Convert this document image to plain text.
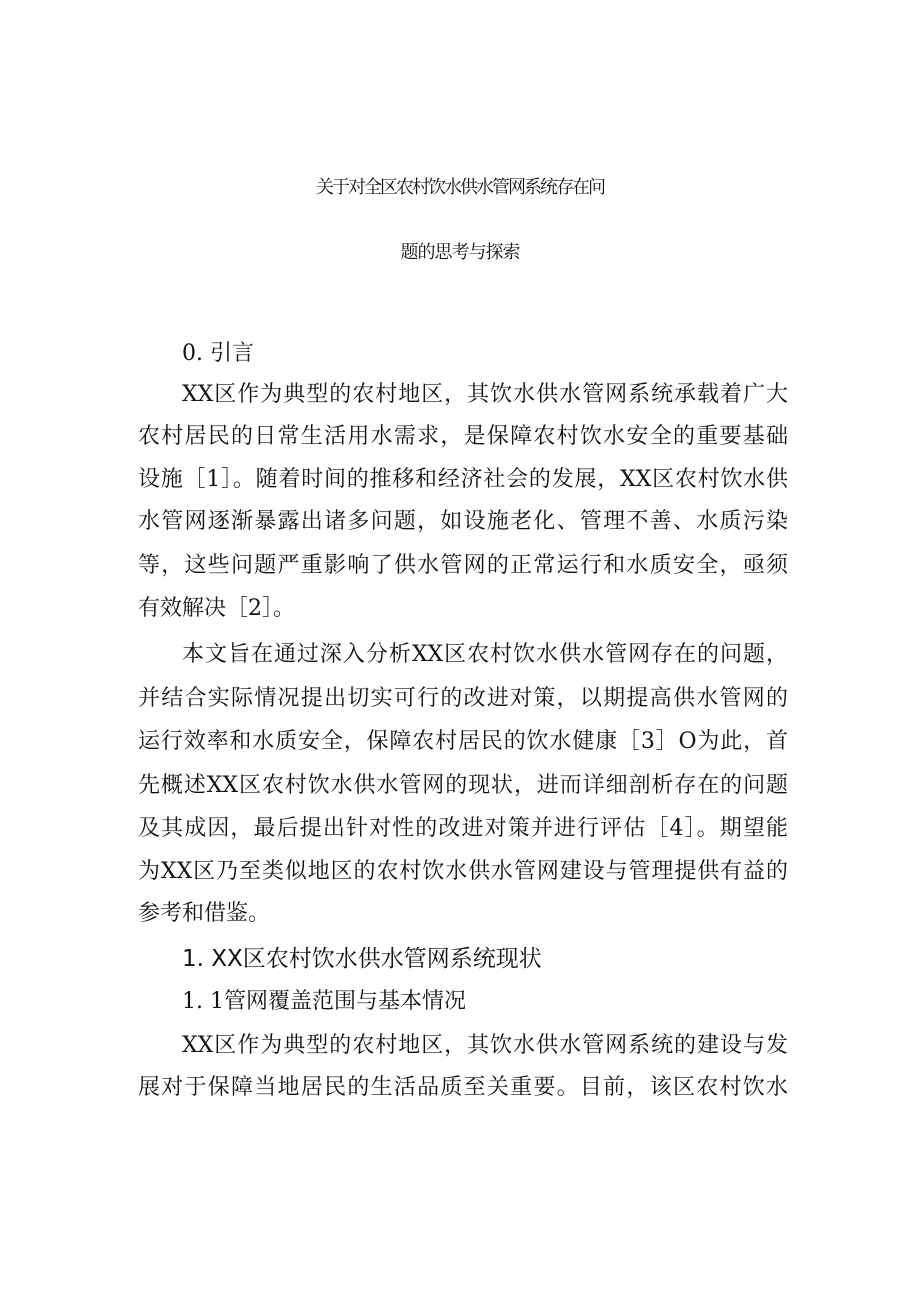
关于对全区农村饮水供水管网系统存在问
题的思考与探索
0. 引言
XX区作为典型的农村地区，其饮水供水管网系统承载着广大
农村居民的日常生活用水需求，是保障农村饮水安全的重要基础
设施［1］。随着时间的推移和经济社会的发展，XX区农村饮水供
水管网逐渐暴露出诸多问题，如设施老化、管理不善、水质污染
等，这些问题严重影响了供水管网的正常运行和水质安全，亟须
有效解决［2］。
本文旨在通过深入分析XX区农村饮水供水管网存在的问题，
并结合实际情况提出切实可行的改进对策，以期提高供水管网的
运行效率和水质安全，保障农村居民的饮水健康［3］O为此，首
先概述XX区农村饮水供水管网的现状，进而详细剖析存在的问题
及其成因，最后提出针对性的改进对策并进行评估［4］。期望能
为XX区乃至类似地区的农村饮水供水管网建设与管理提供有益的
参考和借鉴。
1. XX区农村饮水供水管网系统现状
1. 1管网覆盖范围与基本情况
XX区作为典型的农村地区，其饮水供水管网系统的建设与发
展对于保障当地居民的生活品质至关重要。目前，该区农村饮水
